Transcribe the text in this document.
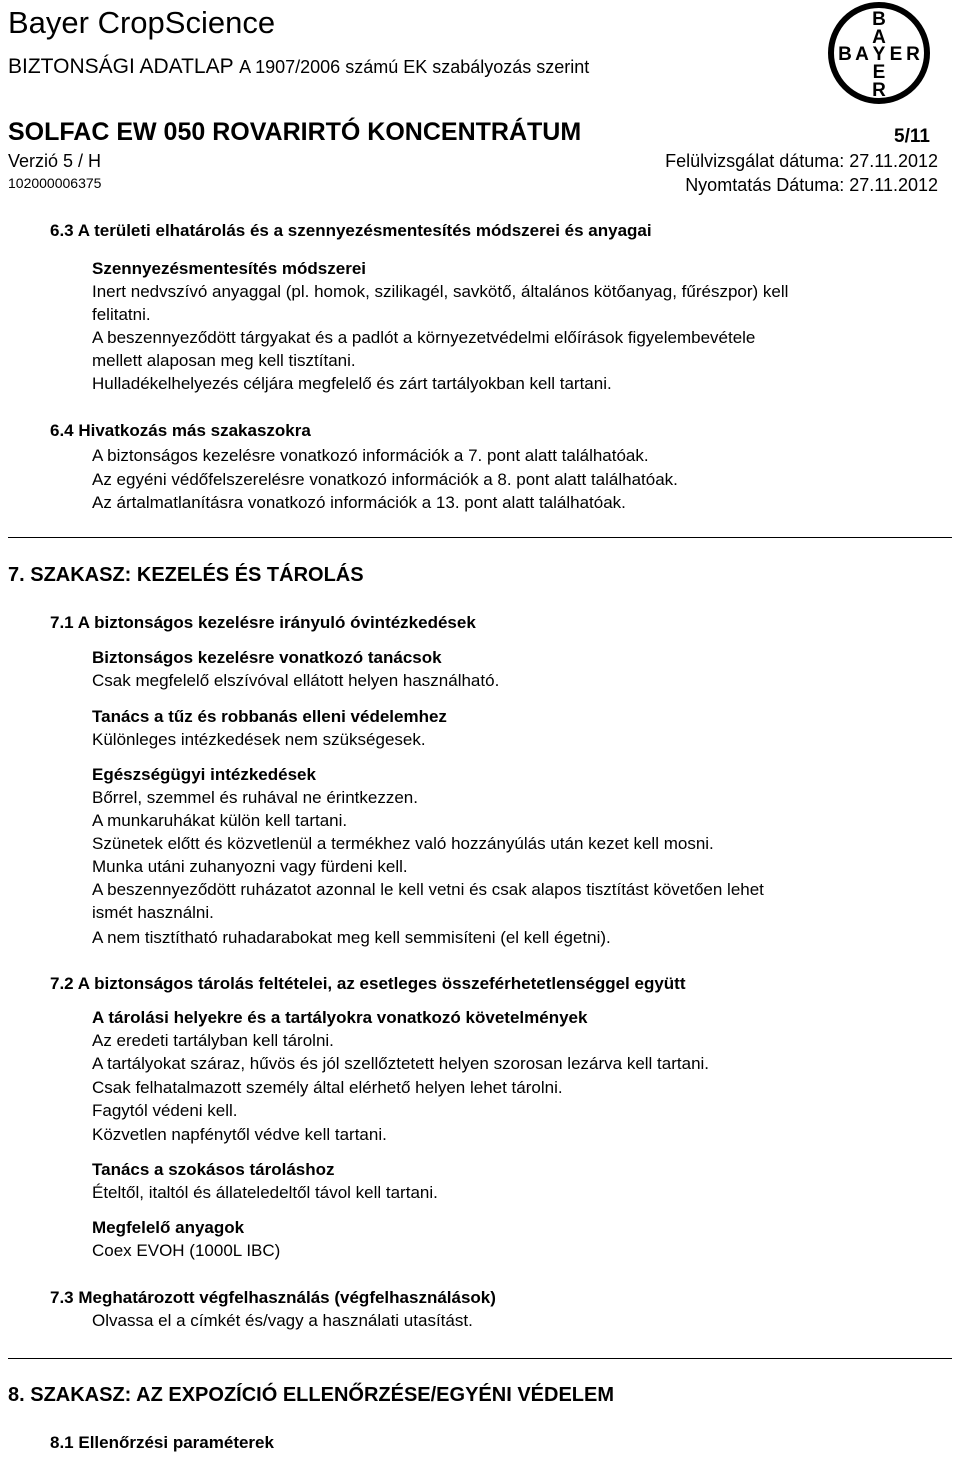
Bayer CropScience
BIZTONSÁGI ADATLAP A 1907/2006 számú EK szabályozás szerint
B
A
B A Y E R
E
R
SOLFAC EW 050 ROVARIRTÓ KONCENTRÁTUM	5/11
Verzió 5 / H	Felülvizsgálat dátuma: 27.11.2012
102000006375	Nyomtatás Dátuma: 27.11.2012
6.3 A területi elhatárolás és a szennyezésmentesítés módszerei és anyagai
Szennyezésmentesítés módszerei
Inert nedvszívó anyaggal (pl. homok, szilikagél, savkötő, általános kötőanyag, fűrészpor) kell
felitatni.
A beszennyeződött tárgyakat és a padlót a környezetvédelmi előírások figyelembevétele
mellett alaposan meg kell tisztítani.
Hulladékelhelyezés céljára megfelelő és zárt tartályokban kell tartani.
6.4 Hivatkozás más szakaszokra
A biztonságos kezelésre vonatkozó információk a 7. pont alatt találhatóak.
Az egyéni védőfelszerelésre vonatkozó információk a 8. pont alatt találhatóak.
Az ártalmatlanításra vonatkozó információk a 13. pont alatt találhatóak.
7. SZAKASZ: KEZELÉS ÉS TÁROLÁS
7.1 A biztonságos kezelésre irányuló óvintézkedések
Biztonságos kezelésre vonatkozó tanácsok
Csak megfelelő elszívóval ellátott helyen használható.
Tanács a tűz és robbanás elleni védelemhez
Különleges intézkedések nem szükségesek.
Egészségügyi intézkedések
Bőrrel, szemmel és ruhával ne érintkezzen.
A munkaruhákat külön kell tartani.
Szünetek előtt és közvetlenül a termékhez való hozzányúlás után kezet kell mosni.
Munka utáni zuhanyozni vagy fürdeni kell.
A beszennyeződött ruházatot azonnal le kell vetni és csak alapos tisztítást követően lehet
ismét használni.
A nem tisztítható ruhadarabokat meg kell semmisíteni (el kell égetni).
7.2 A biztonságos tárolás feltételei, az esetleges összeférhetetlenséggel együtt
A tárolási helyekre és a tartályokra vonatkozó követelmények
Az eredeti tartályban kell tárolni.
A tartályokat száraz, hűvös és jól szellőztetett helyen szorosan lezárva kell tartani.
Csak felhatalmazott személy által elérhető helyen lehet tárolni.
Fagytól védeni kell.
Közvetlen napfénytől védve kell tartani.
Tanács a szokásos tároláshoz
Ételtől, italtól és állateledeltől távol kell tartani.
Megfelelő anyagok
Coex EVOH (1000L IBC)
7.3 Meghatározott végfelhasználás (végfelhasználások)
Olvassa el a címkét és/vagy a használati utasítást.
8. SZAKASZ: AZ EXPOZÍCIÓ ELLENŐRZÉSE/EGYÉNI VÉDELEM
8.1 Ellenőrzési paraméterek
